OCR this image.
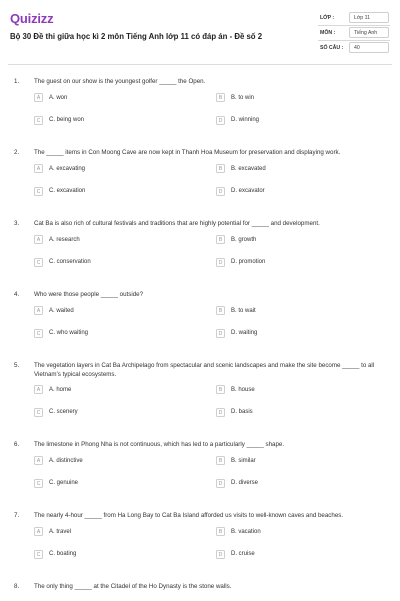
Quizizz
Bộ 30 Đề thi giữa học kì 2 môn Tiếng Anh lớp 11 có đáp án - Đề số 2
LỚP :	Lớp 11
MÔN :	Tiếng Anh
SỐ CÂU : 40
1. The guest on our show is the youngest golfer _____ the Open.
A	A. won	B	B. to win
C	C. being won	D	D. winning
2. The _____ items in Con Moong Cave are now kept in Thanh Hoa Museum for preservation and displaying work.
A	A. excavating	B	B. excavated
C	C. excavation	D	D. excavator
3. Cat Ba is also rich of cultural festivals and traditions that are highly potential for _____ and development.
A	A. research	B	B. growth
C	C. conservation	D	D. promotion
4. Who were those people _____ outside?
A	A. waited	B	B. to wait
C	C. who waiting	D	D. waiting
5. The vegetation layers in Cat Ba Archipelago from spectacular and scenic landscapes and make the site become _____ to all Vietnam's typical ecosystems.
A	A. home	B	B. house
C	C. scenery	D	D. basis
6. The limestone in Phong Nha is not continuous, which has led to a particularly _____ shape.
A	A. distinctive	B	B. similar
C	C. genuine	D	D. diverse
7. The nearly 4-hour _____ from Ha Long Bay to Cat Ba Island afforded us visits to well-known caves and beaches.
A	A. travel	B	B. vacation
C	C. boating	D	D. cruise
8. The only thing _____ at the Citadel of the Ho Dynasty is the stone walls.
